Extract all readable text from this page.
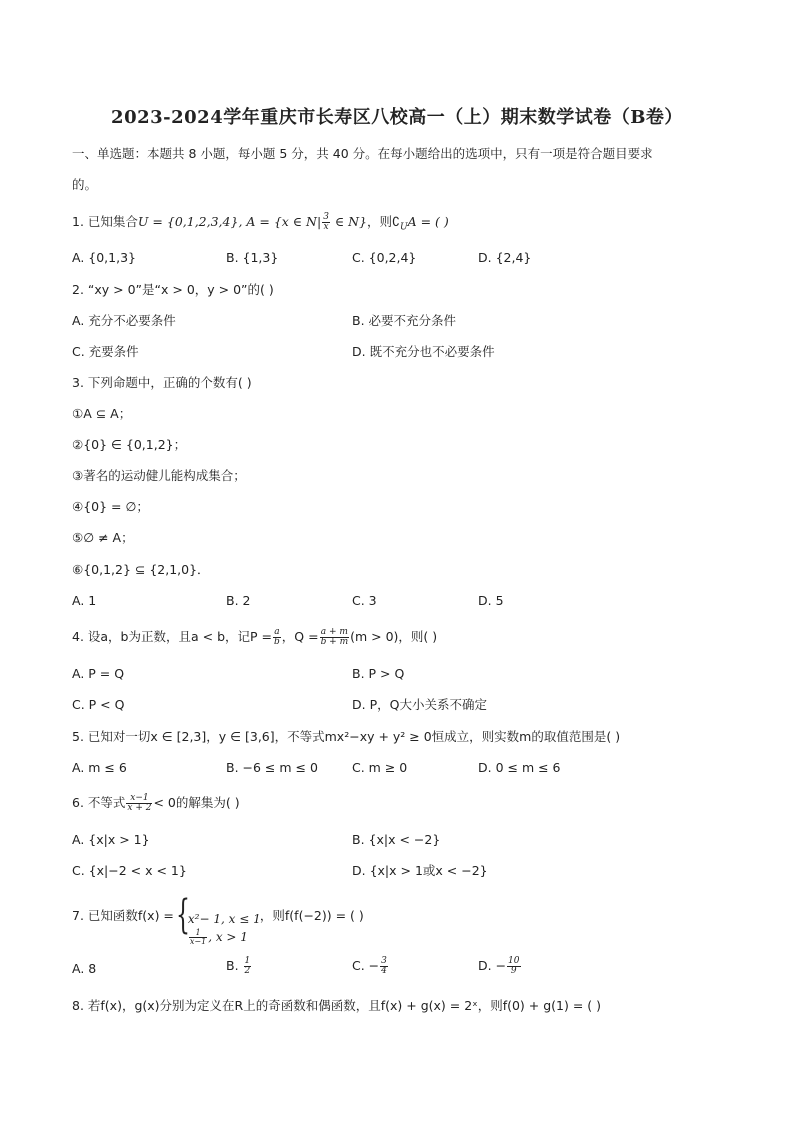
2023-2024学年重庆市长寿区八校高一（上）期末数学试卷（B卷）
一、单选题：本题共 8 小题，每小题 5 分，共 40 分。在每小题给出的选项中，只有一项是符合题目要求
的。
1. 已知集合U = {0,1,2,3,4}, A = {x ∈ $N| \frac{3}{x}$ ∈ N}，则$∁_UA$ = ( )
A. {0,1,3}	B. {1,3}	C. {0,2,4}	D. {2,4}
2. “xy > 0”是“x > 0，y > 0”的( )
A. 充分不必要条件	B. 必要不充分条件
C. 充要条件	D. 既不充分也不必要条件
3. 下列命题中，正确的个数有( )
①A ⊆ A；
②{0} ∈ {0,1,2}；
③著名的运动健儿能构成集合；
④{0} = ∅；
⑤∅ ≠ A；
⑥{0,1,2} ⊆ {2,1,0}．
A. 1	B. 2	C. 3	D. 5
4. 设a，b为正数，且a < b，记$P = \frac{a}{b}$ ，$Q = \frac{a + m}{b + m} (m > 0)$，则( )
A. P = Q	B. P > Q
C. P < Q	D. P，Q大小关系不确定
5. 已知对一切x ∈ [2,3]，y ∈ [3,6]，不等式mx²−xy + y² ≥ 0恒成立，则实数m的取值范围是( )
A. m ≤ 6	B. −6 ≤ m ≤ 0	C. m ≥ 0	D. 0 ≤ m ≤ 6
6. 不等式 $\frac{x-1}{x + 2} < 0$的解集为( )
A. {x|x > 1}	B. {x|x < −2}
C. {x|−2 < x < 1}	D. {x|x > 1或x < −2}
7. 已知函数f(x) = {
x²− 1, x ≤ 1
$\frac{1}{x-1}$ , x > 1
，则f(f(−2)) = ( )
A. 8	B. $\frac{1}{2}$	C. − $\frac{3}{4}$	D. − $\frac{10}{9}$
8. 若f(x)，g(x)分别为定义在R上的奇函数和偶函数，且f(x) + g(x) = 2ˣ，则f(0) + g(1) = ( )
